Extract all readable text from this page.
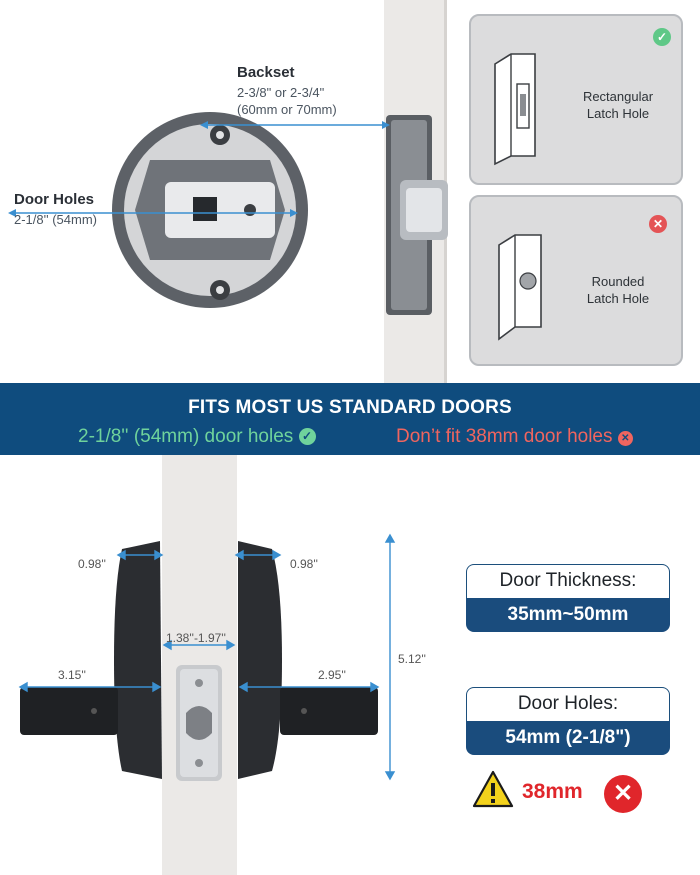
Backset
2-3/8" or 2-3/4"
(60mm or 70mm)
Door Holes
2-1/8'' (54mm)
✓
Rectangular
Latch Hole
✕
Rounded
Latch Hole
FITS MOST US STANDARD DOORS
2-1/8'' (54mm) door holes ✓	Don’t fit 38mm door holes ✕
0.98''	0.98''
1.38''-1.97''
3.15''	2.95''
5.12''
Door Thickness:
35mm~50mm
Door Holes:
54mm (2-1/8")
38mm	✕
